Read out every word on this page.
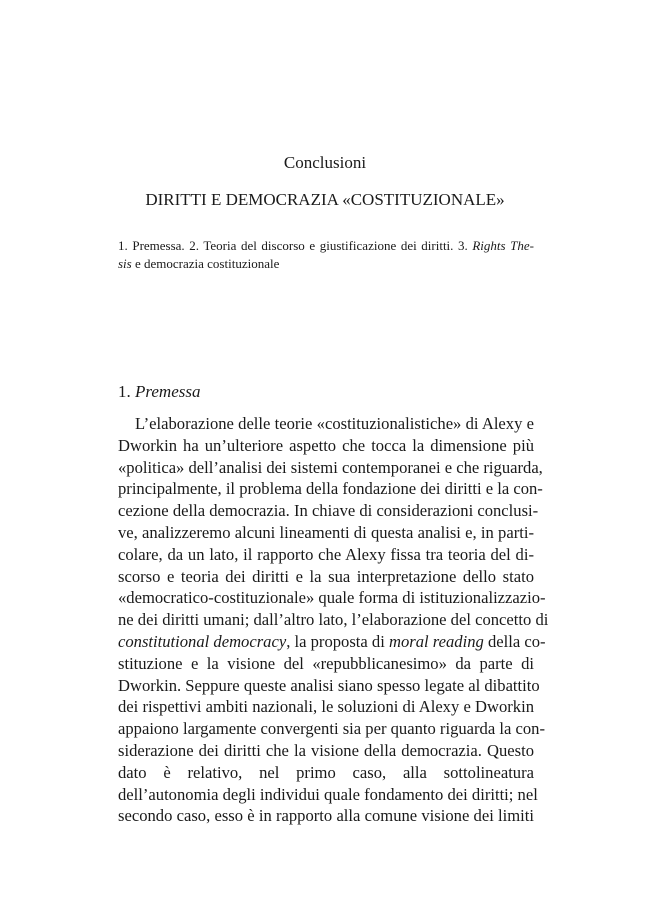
Conclusioni
DIRITTI E DEMOCRAZIA «COSTITUZIONALE»
1. Premessa. 2. Teoria del discorso e giustificazione dei diritti. 3. Rights The-
sis e democrazia costituzionale
1. Premessa
L’elaborazione delle teorie «costituzionalistiche» di Alexy e
Dworkin ha un’ulteriore aspetto che tocca la dimensione più
«politica» dell’analisi dei sistemi contemporanei e che riguarda,
principalmente, il problema della fondazione dei diritti e la con-
cezione della democrazia. In chiave di considerazioni conclusi-
ve, analizzeremo alcuni lineamenti di questa analisi e, in parti-
colare, da un lato, il rapporto che Alexy fissa tra teoria del di-
scorso e teoria dei diritti e la sua interpretazione dello stato
«democratico-costituzionale» quale forma di istituzionalizzazio-
ne dei diritti umani; dall’altro lato, l’elaborazione del concetto di
constitutional democracy, la proposta di moral reading della co-
stituzione e la visione del «repubblicanesimo» da parte di
Dworkin. Seppure queste analisi siano spesso legate al dibattito
dei rispettivi ambiti nazionali, le soluzioni di Alexy e Dworkin
appaiono largamente convergenti sia per quanto riguarda la con-
siderazione dei diritti che la visione della democrazia. Questo
dato è relativo, nel primo caso, alla sottolineatura
dell’autonomia degli individui quale fondamento dei diritti; nel
secondo caso, esso è in rapporto alla comune visione dei limiti
